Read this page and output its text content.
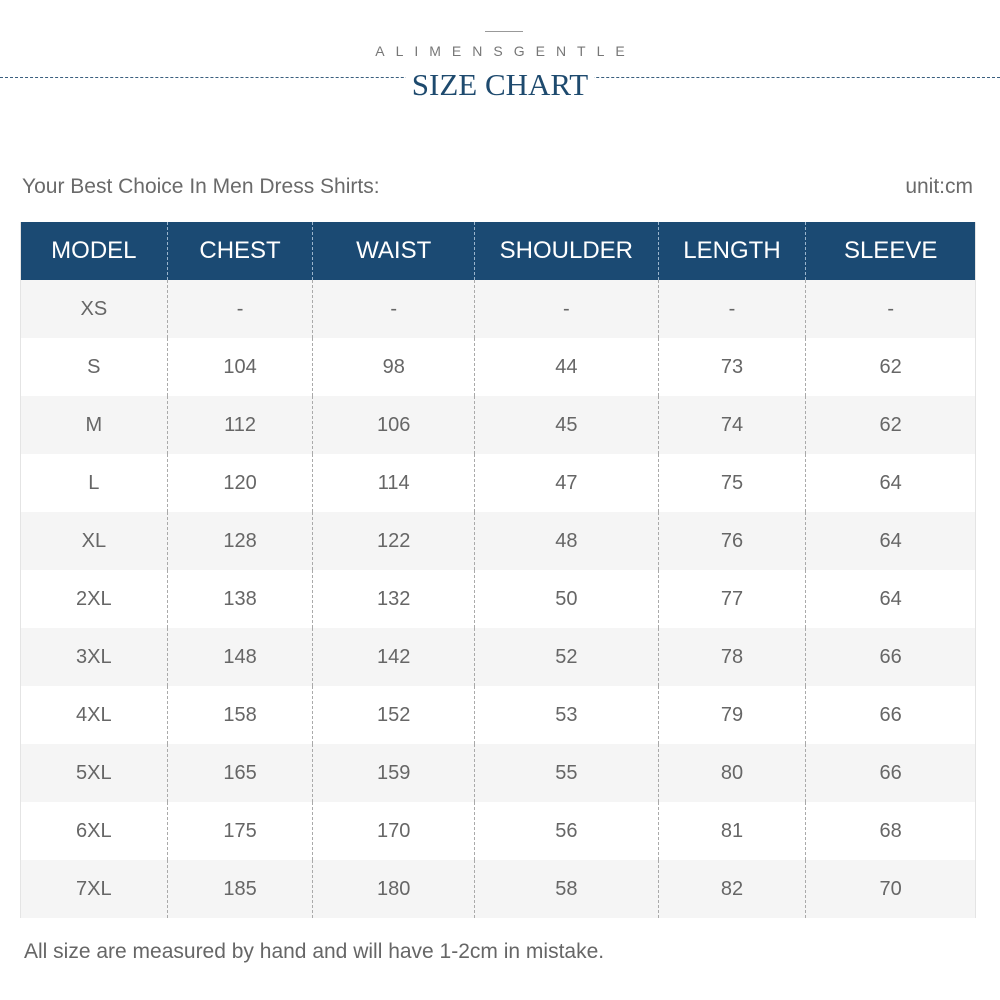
ALIMENSGENTLE
SIZE CHART
Your Best Choice In Men Dress Shirts:	unit:cm
MODEL	CHEST	WAIST	SHOULDER	LENGTH	SLEEVE
XS	-	-	-	-	-
S	104	98	44	73	62
M	112	106	45	74	62
L	120	114	47	75	64
XL	128	122	48	76	64
2XL	138	132	50	77	64
3XL	148	142	52	78	66
4XL	158	152	53	79	66
5XL	165	159	55	80	66
6XL	175	170	56	81	68
7XL	185	180	58	82	70
All size are measured by hand and will have 1-2cm in mistake.
